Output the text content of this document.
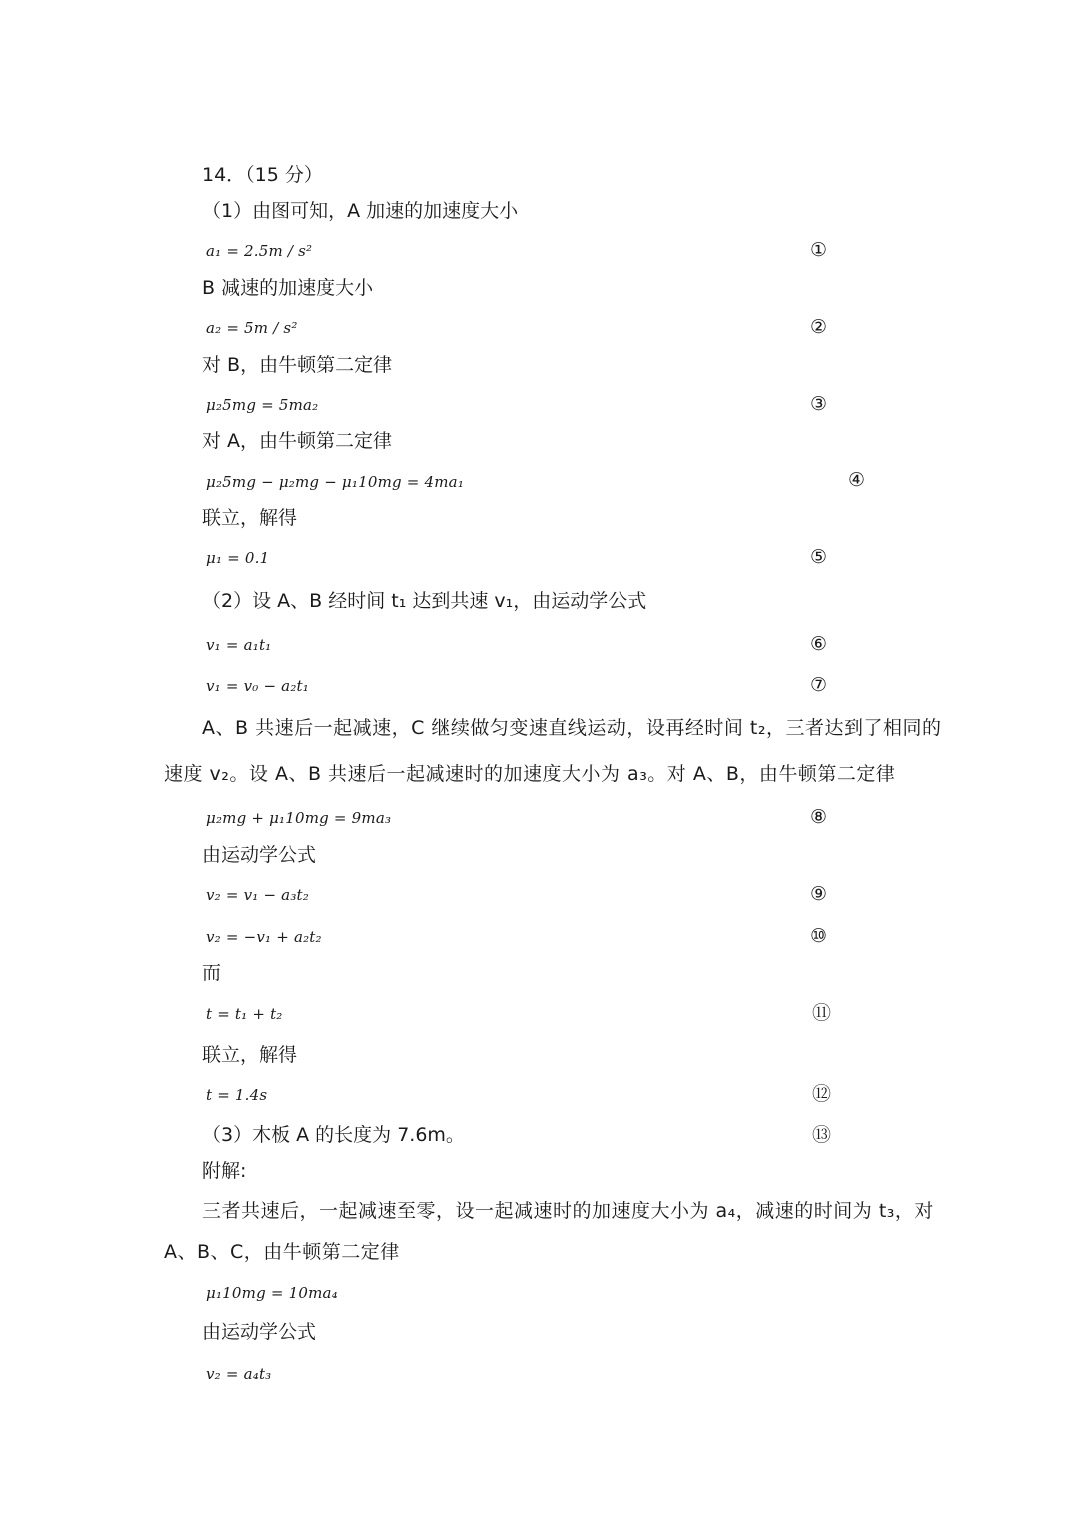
14．（15 分）
（1）由图可知，A 加速的加速度大小
a₁ = 2.5m / s²	①
B 减速的加速度大小
a₂ = 5m / s²	②
对 B，由牛顿第二定律
μ₂5mg = 5ma₂	③
对 A，由牛顿第二定律
μ₂5mg − μ₂mg − μ₁10mg = 4ma₁	④
联立，解得
μ₁ = 0.1	⑤
（2）设 A、B 经时间 t₁ 达到共速 v₁，由运动学公式
v₁ = a₁t₁	⑥
v₁ = v₀ − a₂t₁	⑦
A、B 共速后一起减速，C 继续做匀变速直线运动，设再经时间 t₂，三者达到了相同的
速度 v₂。设 A、B 共速后一起减速时的加速度大小为 a₃。对 A、B，由牛顿第二定律
μ₂mg + μ₁10mg = 9ma₃	⑧
由运动学公式
v₂ = v₁ − a₃t₂	⑨
v₂ = −v₁ + a₂t₂	⑩
而
t = t₁ + t₂	⑪
联立，解得
t = 1.4s	⑫
（3）木板 A 的长度为 7.6m。	⑬
附解:
三者共速后，一起减速至零，设一起减速时的加速度大小为 a₄，减速的时间为 t₃，对
A、B、C，由牛顿第二定律
μ₁10mg = 10ma₄
由运动学公式
v₂ = a₄t₃
